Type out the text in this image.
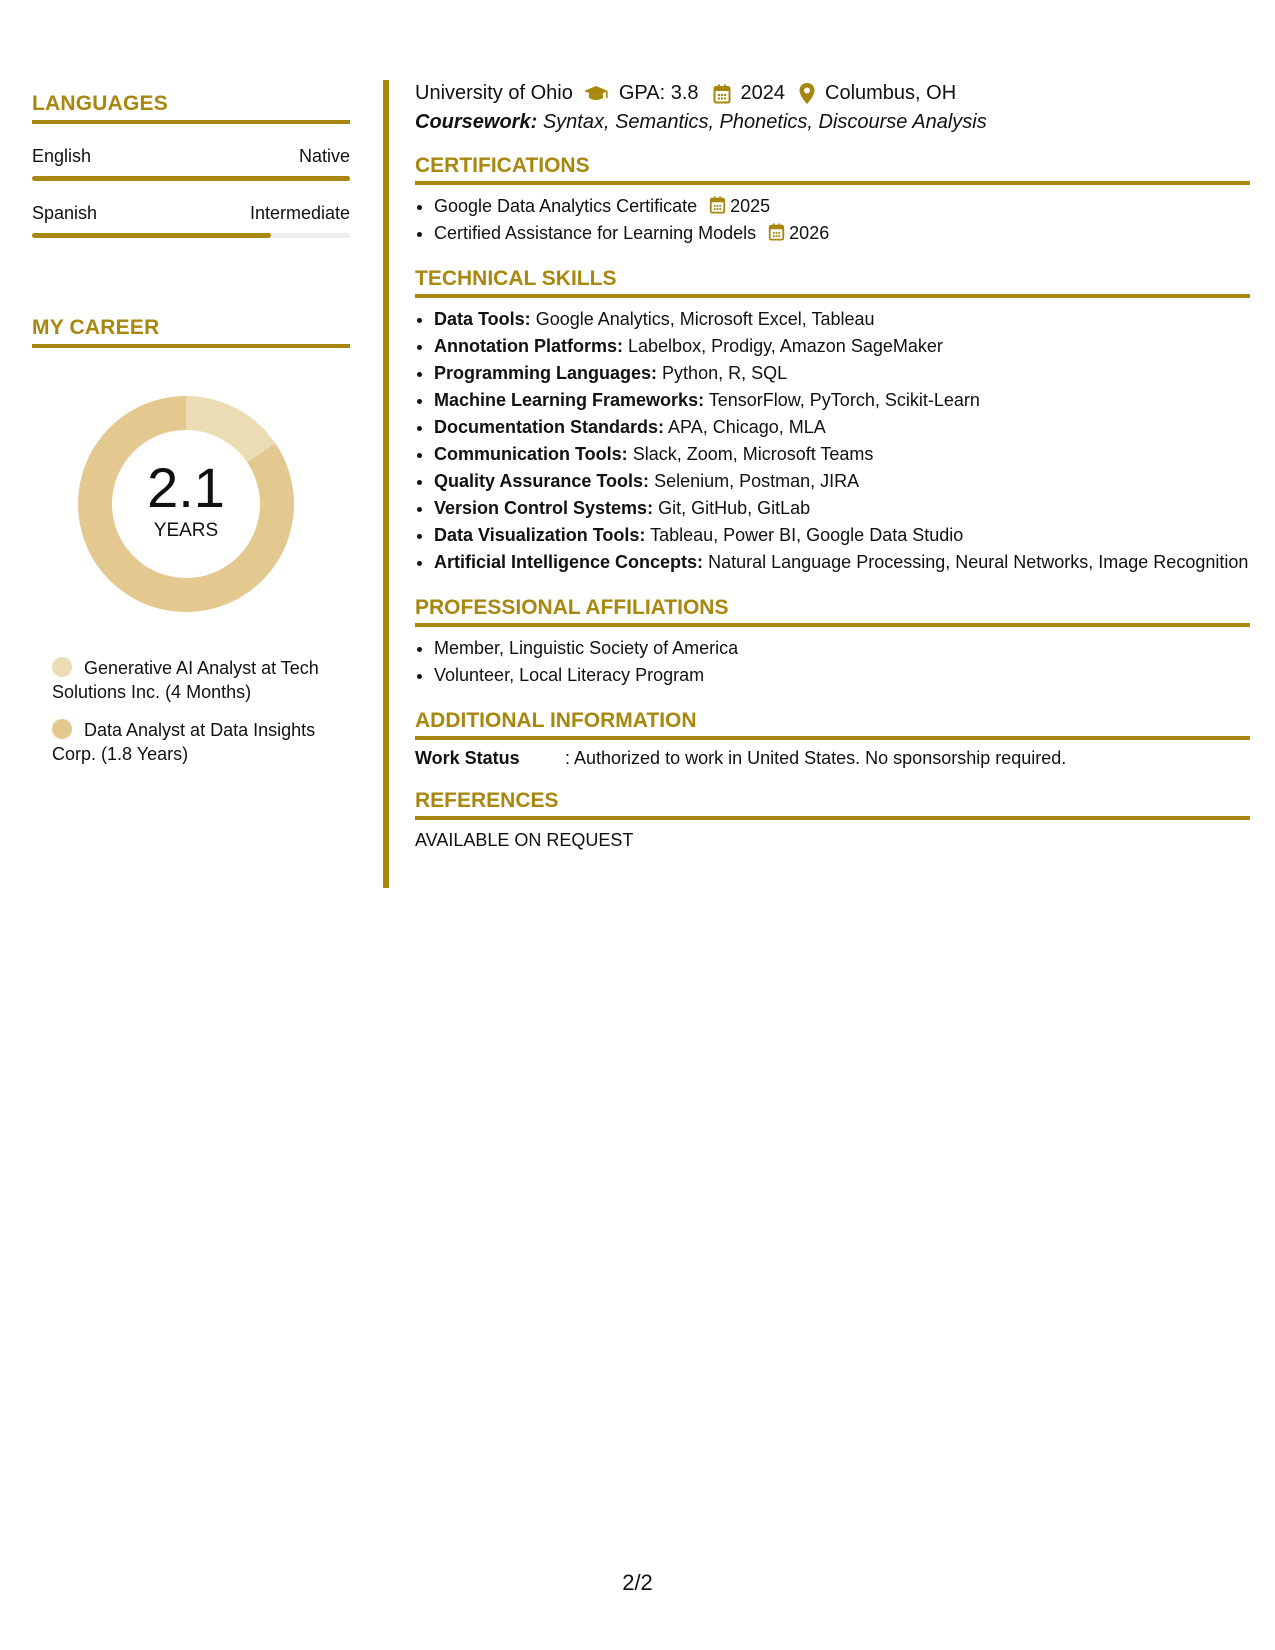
LANGUAGES
English	Native
Spanish	Intermediate
MY CAREER
2.1
YEARS
Generative AI Analyst at Tech Solutions Inc. (4 Months)
Data Analyst at Data Insights Corp. (1.8 Years)
University of Ohio GPA: 3.8 2024 Columbus, OH
Coursework: Syntax, Semantics, Phonetics, Discourse Analysis
CERTIFICATIONS
• Google Data Analytics Certificate 2025
• Certified Assistance for Learning Models 2026
TECHNICAL SKILLS
• Data Tools: Google Analytics, Microsoft Excel, Tableau
• Annotation Platforms: Labelbox, Prodigy, Amazon SageMaker
• Programming Languages: Python, R, SQL
• Machine Learning Frameworks: TensorFlow, PyTorch, Scikit-Learn
• Documentation Standards: APA, Chicago, MLA
• Communication Tools: Slack, Zoom, Microsoft Teams
• Quality Assurance Tools: Selenium, Postman, JIRA
• Version Control Systems: Git, GitHub, GitLab
• Data Visualization Tools: Tableau, Power BI, Google Data Studio
• Artificial Intelligence Concepts: Natural Language Processing, Neural Networks, Image Recognition
PROFESSIONAL AFFILIATIONS
• Member, Linguistic Society of America
• Volunteer, Local Literacy Program
ADDITIONAL INFORMATION
Work Status	: Authorized to work in United States. No sponsorship required.
REFERENCES
AVAILABLE ON REQUEST
2/2
